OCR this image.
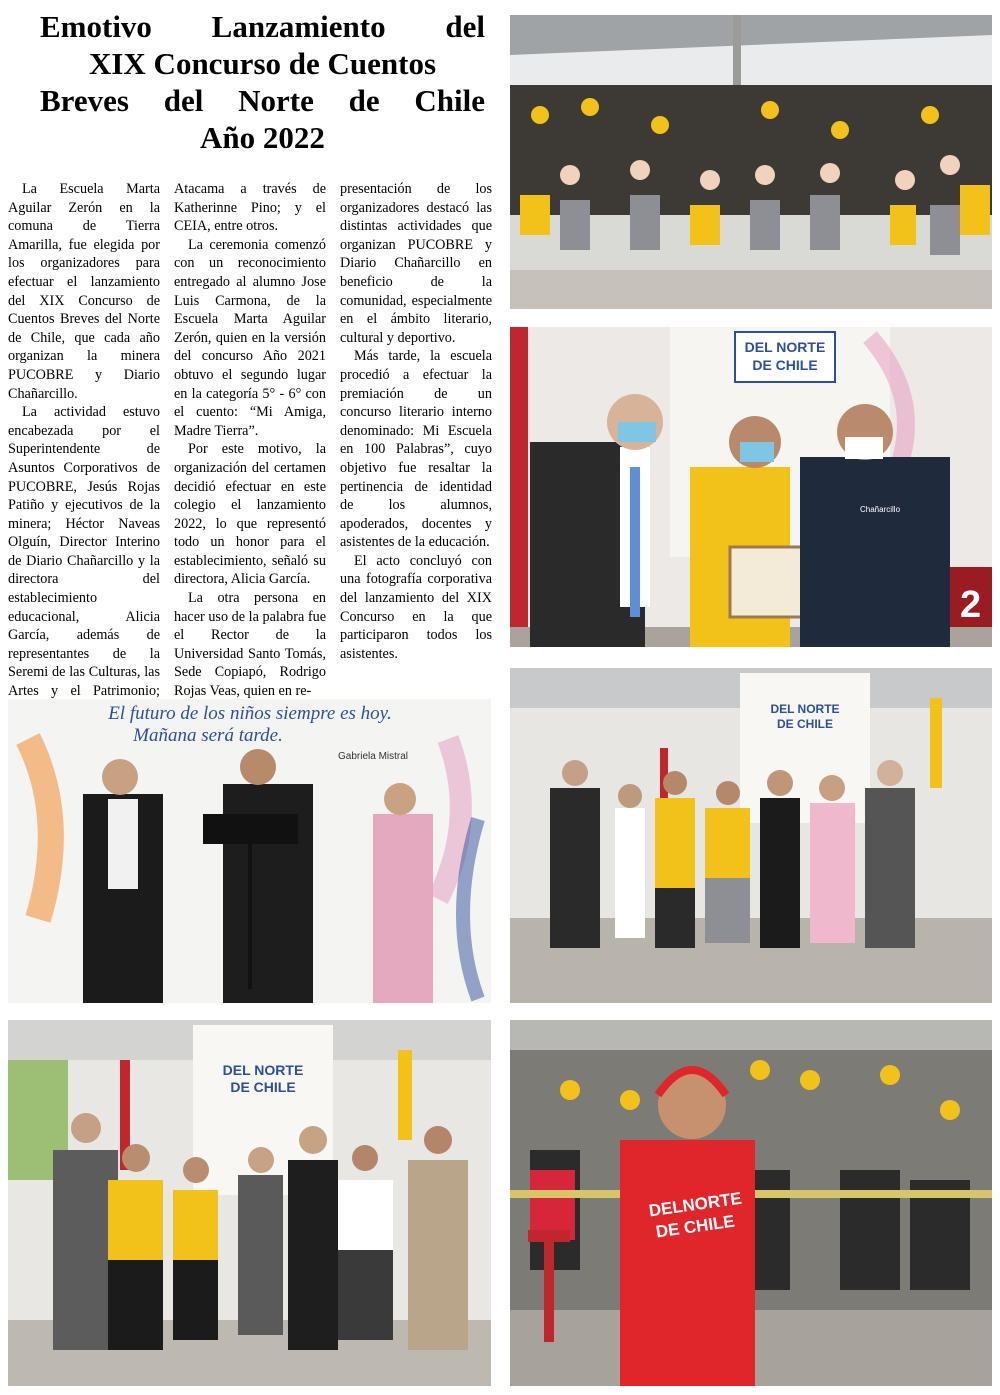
Emotivo Lanzamiento del
XIX Concurso de Cuentos
Breves del Norte de Chile
Año 2022

La Escuela Marta Aguilar Zerón en la comuna de Tierra Amarilla, fue elegida por los organizadores para efectuar el lanzamiento del XIX Concurso de Cuentos Breves del Norte de Chile, que cada año organizan la minera PUCOBRE y Diario Chañarcillo.

La actividad estuvo encabezada por el Superintendente de Asuntos Corporativos de PUCOBRE, Jesús Rojas Patiño y ejecutivos de la minera; Héctor Naveas Olguín, Director Interino de Diario Chañarcillo y la directora del establecimiento educacional, Alicia García, además de representantes de la Seremi de las Culturas, las Artes y el Patrimonio;

Atacama a través de Katherinne Pino; y el CEIA, entre otros.

La ceremonia comenzó con un reconocimiento entregado al alumno Jose Luis Carmona, de la Escuela Marta Aguilar Zerón, quien en la versión del concurso Año 2021 obtuvo el segundo lugar en la categoría 5° - 6° con el cuento: “Mi Amiga, Madre Tierra”.

Por este motivo, la organización del certamen decidió efectuar en este colegio el lanzamiento 2022, lo que representó todo un honor para el establecimiento, señaló su directora, Alicia García.

La otra persona en hacer uso de la palabra fue el Rector de la Universidad Santo Tomás, Sede Copiapó, Rodrigo Rojas Veas, quien en re-

presentación de los organizadores destacó las distintas actividades que organizan PUCOBRE y Diario Chañarcillo en beneficio de la comunidad, especialmente en el ámbito literario, cultural y deportivo.

Más tarde, la escuela procedió a efectuar la premiación de un concurso literario interno denominado: Mi Escuela en 100 Palabras”, cuyo objetivo fue resaltar la pertinencia de identidad de los alumnos, apoderados, docentes y asistentes de la educación.

El acto concluyó con una fotografía corporativa del lanzamiento del XIX Concurso en la que participaron todos los asistentes.

DEL NORTE
DE CHILE
2
Chañarcillo
El futuro de los niños siempre es hoy.
Mañana será tarde.
Gabriela Mistral
DEL NORTE
DE CHILE
DEL NORTE
DE CHILE
DELNORTE
DE CHILE
